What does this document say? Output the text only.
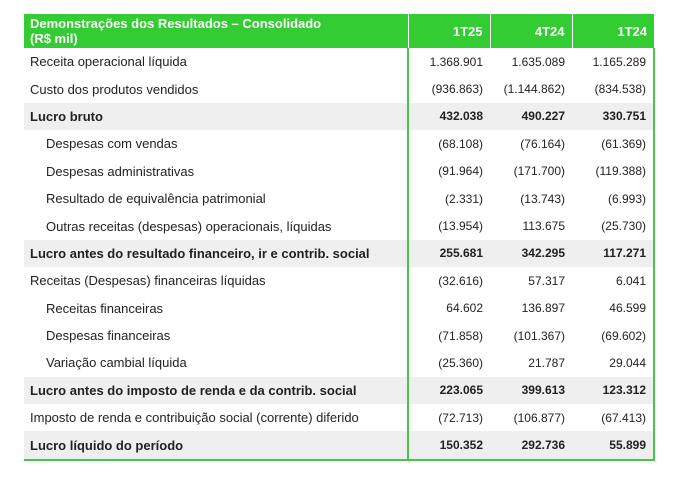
Demonstrações dos Resultados – Consolidado
(R$ mil)	1T25	4T24	1T24
Receita operacional líquida	1.368.901	1.635.089	1.165.289
Custo dos produtos vendidos	(936.863)	(1.144.862)	(834.538)
Lucro bruto	432.038	490.227	330.751
Despesas com vendas	(68.108)	(76.164)	(61.369)
Despesas administrativas	(91.964)	(171.700)	(119.388)
Resultado de equivalência patrimonial	(2.331)	(13.743)	(6.993)
Outras receitas (despesas) operacionais, líquidas	(13.954)	113.675	(25.730)
Lucro antes do resultado financeiro, ir e contrib. social	255.681	342.295	117.271
Receitas (Despesas) financeiras líquidas	(32.616)	57.317	6.041
Receitas financeiras	64.602	136.897	46.599
Despesas financeiras	(71.858)	(101.367)	(69.602)
Variação cambial líquida	(25.360)	21.787	29.044
Lucro antes do imposto de renda e da contrib. social	223.065	399.613	123.312
Imposto de renda e contribuição social (corrente) diferido	(72.713)	(106.877)	(67.413)
Lucro líquido do período	150.352	292.736	55.899
